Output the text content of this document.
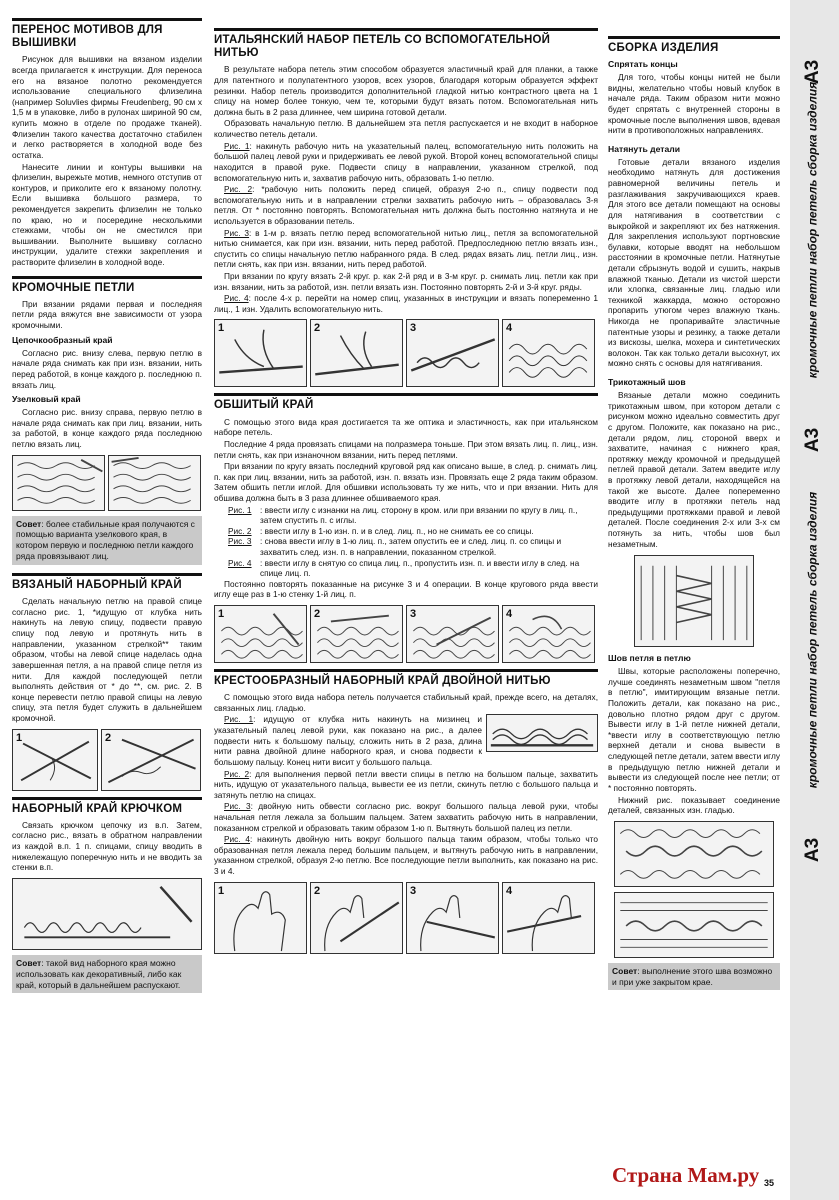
ПЕРЕНОС МОТИВОВ ДЛЯ ВЫШИВКИ

Рисунок для вышивки на вязаном изделии всегда прилагается к инструкции. Для переноса его на вязаное полотно рекомендуется использование специального флизелина (например Soluvlies фирмы Freudenberg, 90 см х 1,5 м в упаковке, либо в рулонах шириной 90 см, купить можно в отделе по продаже тканей). Флизелин такого качества достаточно стабилен и легко растворяется в холодной воде без остатка.

Нанесите линии и контуры вышивки на флизелин, вырежьте мотив, немного отступив от контуров, и приколите его к вязаному полотну. Если вышивка большого размера, то рекомендуется закрепить флизелин не только по краю, но и посередине несколькими стежками, чтобы он не сместился при вышивании. Выполните вышивку согласно инструкции, удалите стежки закрепления и растворите флизелин в холодной воде.

КРОМОЧНЫЕ ПЕТЛИ

При вязании рядами первая и последняя петли ряда вяжутся вне зависимости от узора кромочными.

Цепочкообразный край

Согласно рис. внизу слева, первую петлю в начале ряда снимать как при изн. вязании, нить перед работой, в конце каждого р. последнюю п. вязать лиц.

Узелковый край

Согласно рис. внизу справа, первую петлю в начале ряда снимать как при лиц. вязании, нить за работой, в конце каждого ряда последнюю петлю вязать лиц.

Совет: более стабильные края получаются с помощью варианта узелкового края, в котором первую и последнюю петли каждого ряда провязывают лиц.
ВЯЗАНЫЙ НАБОРНЫЙ КРАЙ

Сделать начальную петлю на правой спице согласно рис. 1, *идущую от клубка нить накинуть на левую спицу, подвести правую спицу под левую и протянуть нить в направлении, указанном стрелкой** таким образом, чтобы на левой спице наделась одна завершенная петля, а на правой спице петля из нити. Для каждой последующей петли выполнять действия от * до **, см. рис. 2. В конце перевести петлю правой спицы на левую спицу, эта петля будет служить в дальнейшем кромочной.

1	2
НАБОРНЫЙ КРАЙ КРЮЧКОМ

Связать крючком цепочку из в.п. Затем, согласно рис., вязать в обратном направлении из каждой в.п. 1 п. спицами, спицу вводить в нижележащую поперечную нить и не вводить за стенки в.п.

Совет: такой вид наборного края можно использовать как декоративный, либо как край, который в дальнейшем распускают.
ИТАЛЬЯНСКИЙ НАБОР ПЕТЕЛЬ СО ВСПОМОГАТЕЛЬНОЙ НИТЬЮ

В результате набора петель этим способом образуется эластичный край для планки, а также для патентного и полупатентного узоров, всех узоров, благодаря которым образуется эффект резинки. Набор петель производится дополнительной гладкой нитью контрастного цвета на 1 спицу на номер более тонкую, чем те, которыми будут вязать потом. Вспомогательная нить должна быть в 2 раза длиннее, чем ширина готовой детали.

Образовать начальную петлю. В дальнейшем эта петля распускается и не входит в наборное количество петель детали.

Рис. 1: накинуть рабочую нить на указательный палец, вспомогательную нить положить на большой палец левой руки и придерживать ее левой рукой. Второй конец вспомогательной спицы находится в правой руке. Подвести спицу в направлении, указанном стрелкой, под вспомогательную нить и, захватив рабочую нить, образовать 1-ю петлю.

Рис. 2: *рабочую нить положить перед спицей, образуя 2-ю п., спицу подвести под вспомогательную нить и в направлении стрелки захватить рабочую нить – образовалась 3-я петля. От * постоянно повторять. Вспомогательная нить должна быть постоянно натянута и не используется в образовании петель.

Рис. 3: в 1-м р. вязать петлю перед вспомогательной нитью лиц., петля за вспомогательной нитью снимается, как при изн. вязании, нить перед работой. Предпоследнюю петлю вязать изн., спустить со спицы начальную петлю набранного ряда. В след. рядах вязать лиц. петли лиц., изн. петли снять, как при изн. вязании, нить перед работой.

При вязании по кругу вязать 2-й круг. р. как 2-й ряд и в 3-м круг. р. снимать лиц. петли как при изн. вязании, нить за работой, изн. петли вязать изн. Постоянно повторять 2-й и 3-й круг. ряды.

Рис. 4: после 4-х р. перейти на номер спиц, указанных в инструкции и вязать попеременно 1 лиц., 1 изн. Удалить вспомогательную нить.

1	2	3	4
ОБШИТЫЙ КРАЙ

С помощью этого вида края достигается та же оптика и эластичность, как при итальянском наборе петель.

Последние 4 ряда провязать спицами на полразмера тоньше. При этом вязать лиц. п. лиц., изн. петли снять, как при изнаночном вязании, нить перед петлями.

При вязании по кругу вязать последний круговой ряд как описано выше, в след. р. снимать лиц. п. как при лиц. вязании, нить за работой, изн. п. вязать изн. Провязать еще 2 ряда таким образом. Затем обшить петли иглой. Для обшивки использовать ту же нить, что и при вязании. Нить для обшива должна быть в 3 раза длиннее обшиваемого края.

Рис. 1	: ввести иглу с изнанки на лиц. сторону в кром. или при вязании по кругу в лиц. п., затем спустить п. с иглы.
Рис. 2	: ввести иглу в 1-ю изн. п. и в след. лиц. п., но не снимать ее со спицы.
Рис. 3	: снова ввести иглу в 1-ю лиц. п., затем опустить ее и след. лиц. п. со спицы и захватить след. изн. п. в направлении, показанном стрелкой.
Рис. 4	: ввести иглу в снятую со спица лиц. п., пропустить изн. п. и ввести иглу в след. на спице лиц. п.

Постоянно повторять показанные на рисунке 3 и 4 операции. В конце кругового ряда ввести иглу еще раз в 1-ю стенку 1-й лиц. п.

1	2	3	4
КРЕСТООБРАЗНЫЙ НАБОРНЫЙ КРАЙ ДВОЙНОЙ НИТЬЮ

С помощью этого вида набора петель получается стабильный край, прежде всего, на деталях, связанных лиц. гладью.

Рис. 1: идущую от клубка нить накинуть на мизинец и указательный палец левой руки, как показано на рис., а далее подвести нить к большому пальцу, сложить нить в 2 раза, длина нити равна двойной длине наборного края, и снова подвести к большому пальцу. Конец нити висит у большого пальца.

Рис. 2: для выполнения первой петли ввести спицы в петлю на большом пальце, захватить нить, идущую от указательного пальца, вывести ее из петли, скинуть петлю с большого пальца и затянуть петлю на спицах.

Рис. 3: двойную нить обвести согласно рис. вокруг большого пальца левой руки, чтобы начальная петля лежала за большим пальцем. Затем захватить рабочую нить в направлении, показанном стрелкой и образовать таким образом 1-ю п. Вытянуть большой палец из петли.

Рис. 4: накинуть двойную нить вокруг большого пальца таким образом, чтобы только что образованная петля лежала перед большим пальцем, и вытянуть рабочую нить в направлении, указанном стрелкой, образуя 2-ю петлю. Все последующие петли выполнить, как показано на рис. 3 и 4.

1	2	3	4
СБОРКА ИЗДЕЛИЯ
Спрятать концы

Для того, чтобы концы нитей не были видны, желательно чтобы новый клубок в начале ряда. Таким образом нити можно будет спрятать с внутренней стороны в кромочные после выполнения швов, вдевая нити в противоположных направлениях.

Натянуть детали

Готовые детали вязаного изделия необходимо натянуть для достижения равномерной величины петель и разглаживания закручивающихся краев. Для этого все детали помещают на основы для натягивания в соответствии с выкройкой и закрепляют их без натяжения. Для закрепления используют портновские булавки, которые вводят на небольшом расстоянии в кромочные петли. Натянутые детали сбрызнуть водой и сушить, накрыв влажной тканью. Детали из чистой шерсти или хлопка, связанные лиц. гладью или техникой жаккарда, можно осторожно пропарить утюгом через влажную ткань. Никогда не пропаривайте эластичные патентные узоры и резинку, а также детали из вискозы, шелка, мохера и синтетических волокон. Так как только детали высохнут, их можно снять с основы для натягивания.

Трикотажный шов

Вязаные детали можно соединить трикотажным швом, при котором детали с рисунком можно идеально совместить друг с другом. Положите, как показано на рис., детали рядом, лиц. стороной вверх и захватите, начиная с нижнего края, протяжку между кромочной и предыдущей петлей правой детали. Затем введите иглу в протяжку левой детали, находящейся на такой же высоте. Далее попеременно вводите иглу в протяжки петель над предыдущими протяжками правой и левой деталей. После соединения 2-х или 3-х см потянуть за нить, чтобы шов был незаметным.

Шов петля в петлю

Швы, которые расположены поперечно, лучше соединять незаметным швом "петля в петлю", имитирующим вязаные петли. Положить детали, как показано на рис., довольно плотно рядом друг с другом. Вывести иглу в 1-й петле нижней детали, *ввести иглу в соответствующую петлю верхней детали и снова вывести в следующей петле детали, затем ввести иглу в предыдущую петлю нижней детали и вывести из следующей после нее петли; от * постоянно повторять.

Нижний рис. показывает соединение деталей, связанных изн. гладью.

Совет: выполнение этого шва возможно и при уже закрытом крае.
кромочные петли набор петель сборка изделия
кромочные петли набор петель сборка изделия
A3
A3
A3
Страна Мам.ру 35
